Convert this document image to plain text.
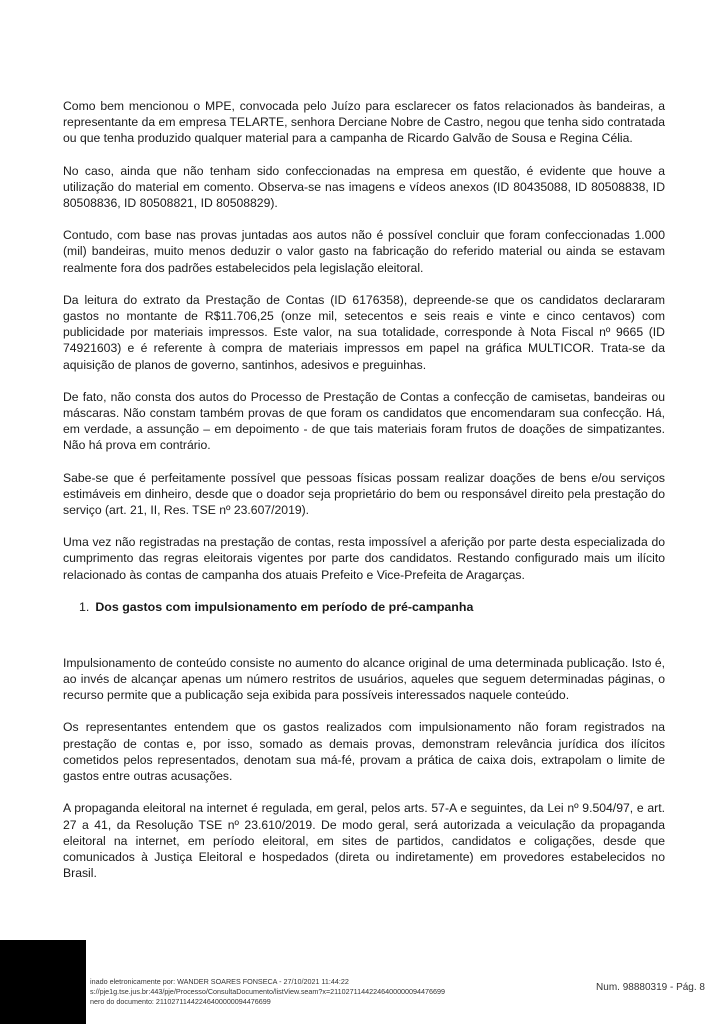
Como bem mencionou o MPE, convocada pelo Juízo para esclarecer os fatos relacionados às bandeiras, a representante da em empresa TELARTE, senhora Derciane Nobre de Castro, negou que tenha sido contratada ou que tenha produzido qualquer material para a campanha de Ricardo Galvão de Sousa e Regina Célia.

No caso, ainda que não tenham sido confeccionadas na empresa em questão, é evidente que houve a utilização do material em comento. Observa-se nas imagens e vídeos anexos (ID 80435088, ID 80508838, ID 80508836, ID 80508821, ID 80508829).

Contudo, com base nas provas juntadas aos autos não é possível concluir que foram confeccionadas 1.000 (mil) bandeiras, muito menos deduzir o valor gasto na fabricação do referido material ou ainda se estavam realmente fora dos padrões estabelecidos pela legislação eleitoral.

Da leitura do extrato da Prestação de Contas (ID 6176358), depreende-se que os candidatos declararam gastos no montante de R$11.706,25 (onze mil, setecentos e seis reais e vinte e cinco centavos) com publicidade por materiais impressos. Este valor, na sua totalidade, corresponde à Nota Fiscal nº 9665 (ID 74921603) e é referente à compra de materiais impressos em papel na gráfica MULTICOR. Trata-se da aquisição de planos de governo, santinhos, adesivos e preguinhas.

De fato, não consta dos autos do Processo de Prestação de Contas a confecção de camisetas, bandeiras ou máscaras. Não constam também provas de que foram os candidatos que encomendaram sua confecção. Há, em verdade, a assunção – em depoimento - de que tais materiais foram frutos de doações de simpatizantes. Não há prova em contrário.

Sabe-se que é perfeitamente possível que pessoas físicas possam realizar doações de bens e/ou serviços estimáveis em dinheiro, desde que o doador seja proprietário do bem ou responsável direito pela prestação do serviço (art. 21, II, Res. TSE nº 23.607/2019).

Uma vez não registradas na prestação de contas, resta impossível a aferição por parte desta especializada do cumprimento das regras eleitorais vigentes por parte dos candidatos. Restando configurado mais um ilícito relacionado às contas de campanha dos atuais Prefeito e Vice-Prefeita de Aragarças.

1. Dos gastos com impulsionamento em período de pré-campanha

Impulsionamento de conteúdo consiste no aumento do alcance original de uma determinada publicação. Isto é, ao invés de alcançar apenas um número restritos de usuários, aqueles que seguem determinadas páginas, o recurso permite que a publicação seja exibida para possíveis interessados naquele conteúdo.

Os representantes entendem que os gastos realizados com impulsionamento não foram registrados na prestação de contas e, por isso, somado as demais provas, demonstram relevância jurídica dos ilícitos cometidos pelos representados, denotam sua má-fé, provam a prática de caixa dois, extrapolam o limite de gastos entre outras acusações.

A propaganda eleitoral na internet é regulada, em geral, pelos arts. 57-A e seguintes, da Lei nº 9.504/97, e art. 27 a 41, da Resolução TSE nº 23.610/2019. De modo geral, será autorizada a veiculação da propaganda eleitoral na internet, em período eleitoral, em sites de partidos, candidatos e coligações, desde que comunicados à Justiça Eleitoral e hospedados (direta ou indiretamente) em provedores estabelecidos no Brasil.

inado eletronicamente por: WANDER SOARES FONSECA - 27/10/2021 11:44:22
s://pje1g.tse.jus.br:443/pje/Processo/ConsultaDocumento/listView.seam?x=21102711442246400000094476699
nero do documento: 21102711442246400000094476699
Num. 98880319 - Pág. 8
